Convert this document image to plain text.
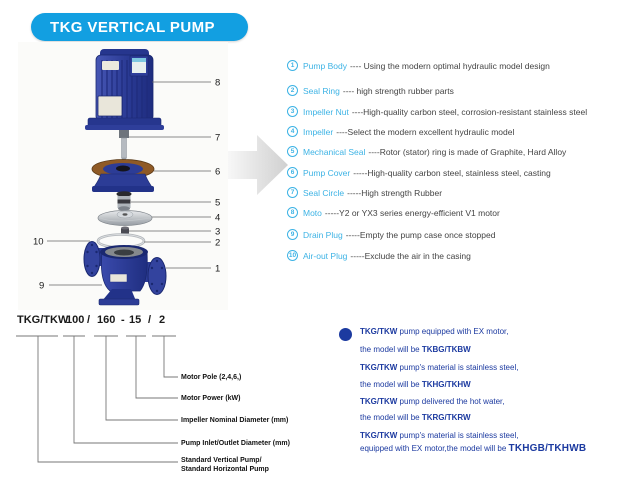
TKG VERTICAL PUMP
8
7
6
5
4
3
2
1
10
9
1	Pump Body ---- Using the modern optimal hydraulic model design
2	Seal Ring ---- high strength rubber parts
3	Impeller Nut ----High-quality carbon steel, corrosion-resistant stainless steel
4	Impeller ----Select the modern excellent hydraulic model
5	Mechanical Seal ----Rotor (stator) ring is made of Graphite, Hard Alloy
6	Pump Cover -----High-quality carbon steel, stainless steel, casting
7	Seal Circle -----High strength Rubber
8	Moto -----Y2 or YX3 series energy-efficient V1 motor
9	Drain Plug -----Empty the pump case once stopped
10 Air-out Plug -----Exclude the air in the casing
TKG/TKW
100 / 160 - 15 / 2
Motor Pole (2,4,6,)
Motor Power (kW)
Impeller Nominal Diameter (mm)
Pump Inlet/Outlet Diameter (mm)
Standard Vertical Pump/
Standard Horizontal Pump
TKG/TKW pump equipped with EX motor,
the model will be TKBG/TKBW
TKG/TKW pump's material is stainless steel,
the model will be TKHG/TKHW
TKG/TKW pump delivered the hot water,
the model will be TKRG/TKRW
TKG/TKW pump's material is stainless steel,
equipped with EX motor,the model will be TKHGB/TKHWB
